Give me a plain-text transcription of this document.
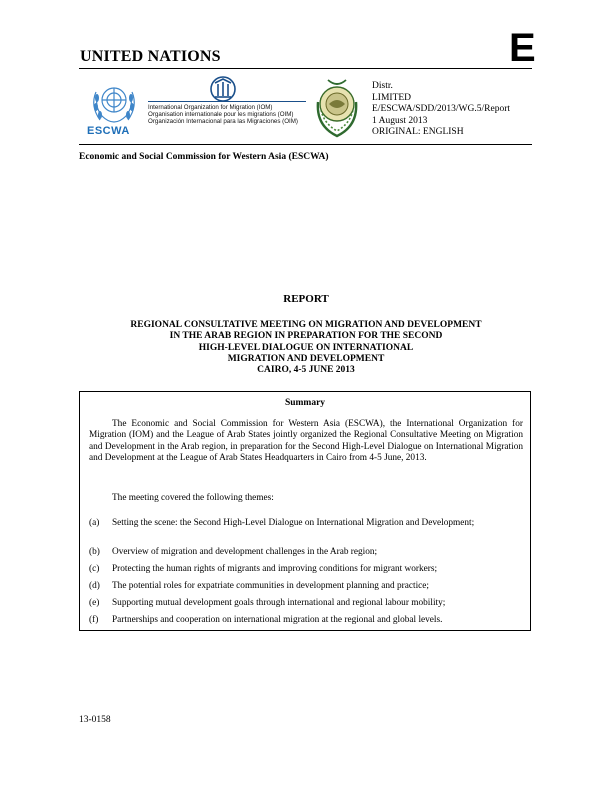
UNITED NATIONS	E
ESCWA
International Organization for Migration (IOM)
Organisation internationale pour les migrations (OIM)
Organización Internacional para las Migraciones (OIM)
Distr.
LIMITED
E/ESCWA/SDD/2013/WG.5/Report
1 August 2013
ORIGINAL: ENGLISH
Economic and Social Commission for Western Asia (ESCWA)
REPORT
REGIONAL CONSULTATIVE MEETING ON MIGRATION AND DEVELOPMENT
IN THE ARAB REGION IN PREPARATION FOR THE SECOND
HIGH-LEVEL DIALOGUE ON INTERNATIONAL
MIGRATION AND DEVELOPMENT
CAIRO, 4-5 JUNE 2013
Summary
The Economic and Social Commission for Western Asia (ESCWA), the International Organization for Migration (IOM) and the League of Arab States jointly organized the Regional Consultative Meeting on Migration and Development in the Arab region, in preparation for the Second High-Level Dialogue on International Migration and Development at the League of Arab States Headquarters in Cairo from 4-5 June, 2013.
The meeting covered the following themes:
(a) Setting the scene: the Second High-Level Dialogue on International Migration and Development;
(b) Overview of migration and development challenges in the Arab region;
(c) Protecting the human rights of migrants and improving conditions for migrant workers;
(d) The potential roles for expatriate communities in development planning and practice;
(e) Supporting mutual development goals through international and regional labour mobility;
(f) Partnerships and cooperation on international migration at the regional and global levels.
13-0158
